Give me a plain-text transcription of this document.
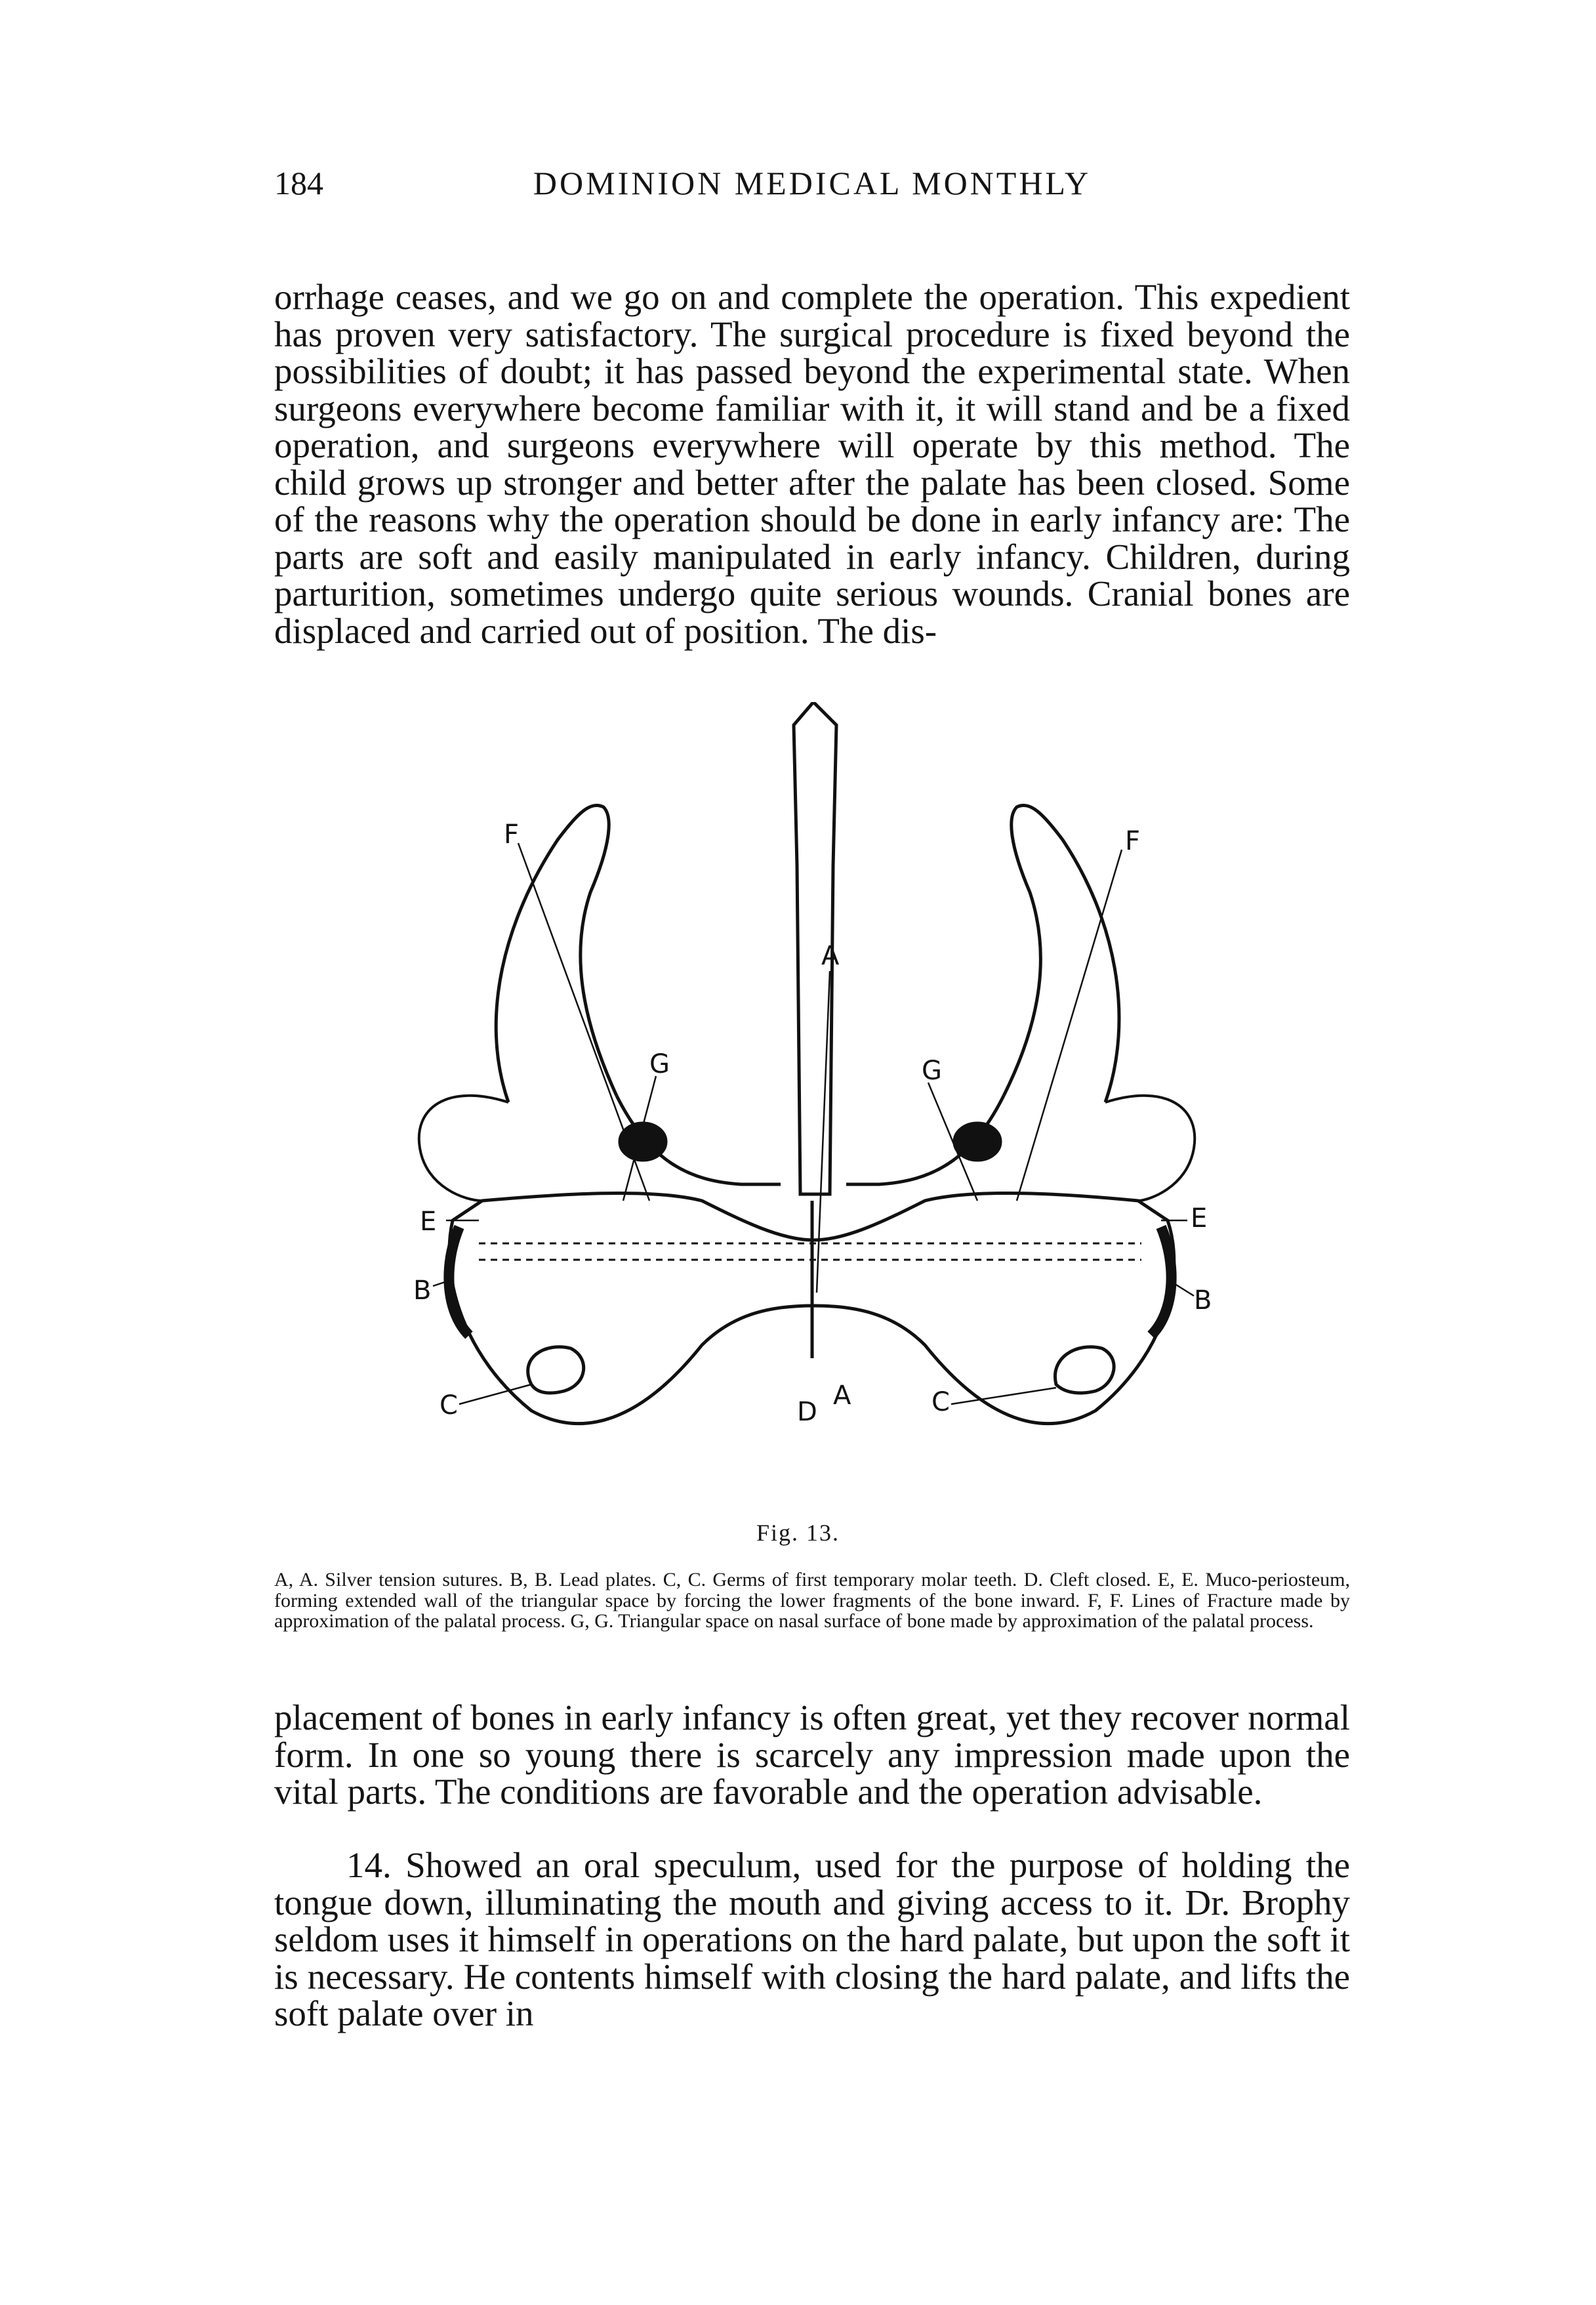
184	DOMINION MEDICAL MONTHLY

orrhage ceases, and we go on and complete the operation. This expedient has proven very satisfactory. The surgical procedure is fixed beyond the possibilities of doubt; it has passed beyond the experimental state. When surgeons everywhere become familiar with it, it will stand and be a fixed operation, and surgeons everywhere will operate by this method. The child grows up stronger and better after the palate has been closed. Some of the reasons why the operation should be done in early infancy are: The parts are soft and easily manipulated in early infancy. Children, during parturition, sometimes undergo quite serious wounds. Cranial bones are displaced and carried out of position. The dis-

F	F
A
G	G
E	E
B	B
C	C
D
A
Fig. 13.

A, A. Silver tension sutures. B, B. Lead plates. C, C. Germs of first temporary molar teeth. D. Cleft closed. E, E. Muco-periosteum, forming extended wall of the triangular space by forcing the lower fragments of the bone inward. F, F. Lines of Fracture made by approximation of the palatal process. G, G. Triangular space on nasal surface of bone made by approximation of the palatal process.

placement of bones in early infancy is often great, yet they recover normal form. In one so young there is scarcely any impression made upon the vital parts. The conditions are favorable and the operation advisable.

14. Showed an oral speculum, used for the purpose of holding the tongue down, illuminating the mouth and giving access to it. Dr. Brophy seldom uses it himself in operations on the hard palate, but upon the soft it is necessary. He contents himself with closing the hard palate, and lifts the soft palate over in
